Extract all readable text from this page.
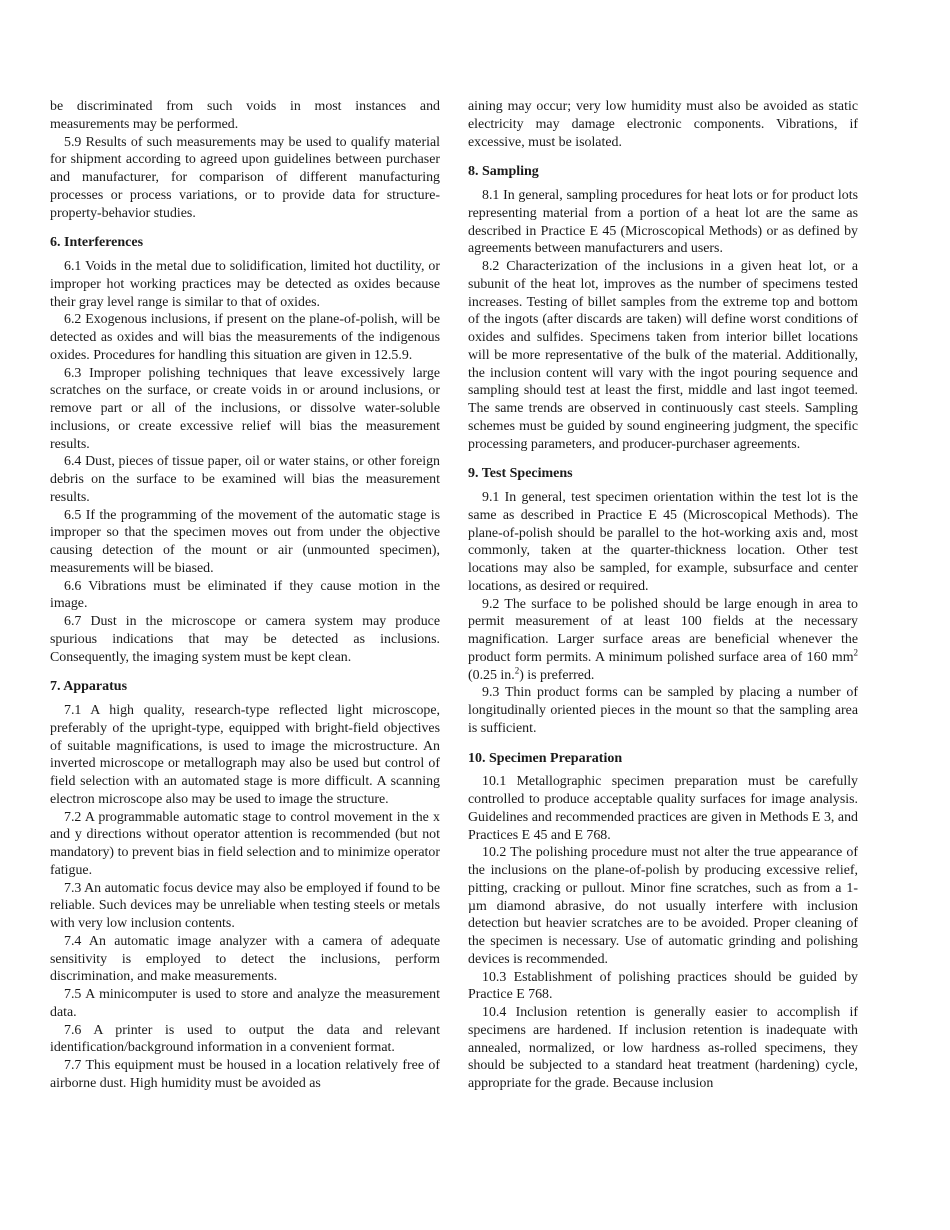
be discriminated from such voids in most instances and measurements may be performed.

5.9 Results of such measurements may be used to qualify material for shipment according to agreed upon guidelines between purchaser and manufacturer, for comparison of different manufacturing processes or process variations, or to provide data for structure-property-behavior studies.

6. Interferences

6.1 Voids in the metal due to solidification, limited hot ductility, or improper hot working practices may be detected as oxides because their gray level range is similar to that of oxides.

6.2 Exogenous inclusions, if present on the plane-of-polish, will be detected as oxides and will bias the measurements of the indigenous oxides. Procedures for handling this situation are given in 12.5.9.

6.3 Improper polishing techniques that leave excessively large scratches on the surface, or create voids in or around inclusions, or remove part or all of the inclusions, or dissolve water-soluble inclusions, or create excessive relief will bias the measurement results.

6.4 Dust, pieces of tissue paper, oil or water stains, or other foreign debris on the surface to be examined will bias the measurement results.

6.5 If the programming of the movement of the automatic stage is improper so that the specimen moves out from under the objective causing detection of the mount or air (unmounted specimen), measurements will be biased.

6.6 Vibrations must be eliminated if they cause motion in the image.

6.7 Dust in the microscope or camera system may produce spurious indications that may be detected as inclusions. Consequently, the imaging system must be kept clean.

7. Apparatus

7.1 A high quality, research-type reflected light microscope, preferably of the upright-type, equipped with bright-field objectives of suitable magnifications, is used to image the microstructure. An inverted microscope or metallograph may also be used but control of field selection with an automated stage is more difficult. A scanning electron microscope also may be used to image the structure.

7.2 A programmable automatic stage to control movement in the x and y directions without operator attention is recommended (but not mandatory) to prevent bias in field selection and to minimize operator fatigue.

7.3 An automatic focus device may also be employed if found to be reliable. Such devices may be unreliable when testing steels or metals with very low inclusion contents.

7.4 An automatic image analyzer with a camera of adequate sensitivity is employed to detect the inclusions, perform discrimination, and make measurements.

7.5 A minicomputer is used to store and analyze the measurement data.

7.6 A printer is used to output the data and relevant identification/background information in a convenient format.

7.7 This equipment must be housed in a location relatively free of airborne dust. High humidity must be avoided as

aining may occur; very low humidity must also be avoided as static electricity may damage electronic components. Vibrations, if excessive, must be isolated.

8. Sampling

8.1 In general, sampling procedures for heat lots or for product lots representing material from a portion of a heat lot are the same as described in Practice E 45 (Microscopical Methods) or as defined by agreements between manufacturers and users.

8.2 Characterization of the inclusions in a given heat lot, or a subunit of the heat lot, improves as the number of specimens tested increases. Testing of billet samples from the extreme top and bottom of the ingots (after discards are taken) will define worst conditions of oxides and sulfides. Specimens taken from interior billet locations will be more representative of the bulk of the material. Additionally, the inclusion content will vary with the ingot pouring sequence and sampling should test at least the first, middle and last ingot teemed. The same trends are observed in continuously cast steels. Sampling schemes must be guided by sound engineering judgment, the specific processing parameters, and producer-purchaser agreements.

9. Test Specimens

9.1 In general, test specimen orientation within the test lot is the same as described in Practice E 45 (Microscopical Methods). The plane-of-polish should be parallel to the hot-working axis and, most commonly, taken at the quarter-thickness location. Other test locations may also be sampled, for example, subsurface and center locations, as desired or required.

9.2 The surface to be polished should be large enough in area to permit measurement of at least 100 fields at the necessary magnification. Larger surface areas are beneficial whenever the product form permits. A minimum polished surface area of 160 $mm^2$ (0.25 in.$^2$) is preferred.

9.3 Thin product forms can be sampled by placing a number of longitudinally oriented pieces in the mount so that the sampling area is sufficient.

10. Specimen Preparation

10.1 Metallographic specimen preparation must be carefully controlled to produce acceptable quality surfaces for image analysis. Guidelines and recommended practices are given in Methods E 3, and Practices E 45 and E 768.

10.2 The polishing procedure must not alter the true appearance of the inclusions on the plane-of-polish by producing excessive relief, pitting, cracking or pullout. Minor fine scratches, such as from a 1-µm diamond abrasive, do not usually interfere with inclusion detection but heavier scratches are to be avoided. Proper cleaning of the specimen is necessary. Use of automatic grinding and polishing devices is recommended.

10.3 Establishment of polishing practices should be guided by Practice E 768.

10.4 Inclusion retention is generally easier to accomplish if specimens are hardened. If inclusion retention is inadequate with annealed, normalized, or low hardness as-rolled specimens, they should be subjected to a standard heat treatment (hardening) cycle, appropriate for the grade. Because inclusion
